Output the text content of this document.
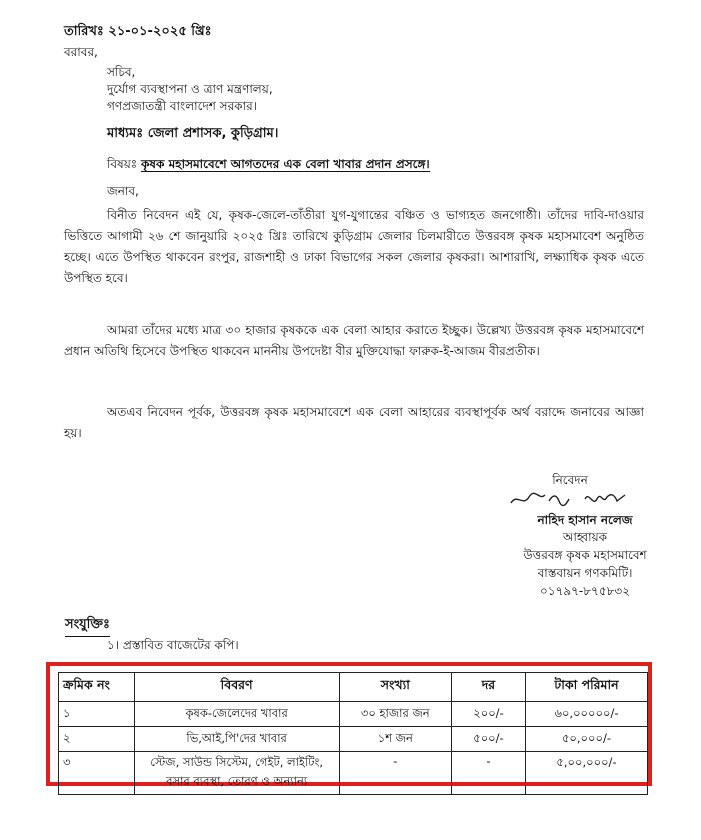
তারিখঃ ২১-০১-২০২৫ খ্রিঃ
বরাবর,
সচিব,
দুর্যোগ ব্যবস্থাপনা ও ত্রাণ মন্ত্রণালয়,
গণপ্রজাতন্ত্রী বাংলাদেশ সরকার।
মাধ্যমঃ জেলা প্রশাসক, কুড়িগ্রাম।
বিষয়ঃ কৃষক মহাসমাবেশে আগতদের এক বেলা খাবার প্রদান প্রসঙ্গে।
জনাব,
বিনীত নিবেদন এই যে, কৃষক-জেলে-তাঁতীরা যুগ-যুগান্তের বঞ্চিত ও ভাগ্যহত জনগোষ্ঠী। তাঁদের দাবি-দাওয়ার ভিত্তিতে আগামী ২৬ শে জানুয়ারি ২০২৫ খ্রিঃ তারিখে কুড়িগ্রাম জেলার চিলমারীতে উত্তরবঙ্গ কৃষক মহাসমাবেশ অনুষ্ঠিত হচ্ছে। এতে উপস্থিত থাকবেন রংপুর, রাজশাহী ও ঢাকা বিভাগের সকল জেলার কৃষকরা। আশারাখি, লক্ষ্যাধিক কৃষক এতে উপস্থিত হবে।
আমরা তাঁদের মধ্যে মাত্র ৩০ হাজার কৃষককে এক বেলা আহার করাতে ইচ্ছুক। উল্লেখ্য উত্তরবঙ্গ কৃষক মহাসমাবেশে প্রধান অতিথি হিসেবে উপস্থিত থাকবেন মাননীয় উপদেষ্টা বীর মুক্তিযোদ্ধা ফারুক-ই-আজম বীরপ্রতীক।
অতএব নিবেদন পূর্বক, উত্তরবঙ্গ কৃষক মহাসমাবেশে এক বেলা আহারের ব্যবস্থাপূর্বক অর্থ বরাদ্দে জনাবের আজ্ঞা হয়।
নিবেদন
নাহিদ হাসান নলেজ
আহ্বায়ক
উত্তরবঙ্গ কৃষক মহাসমাবেশ
বাস্তবায়ন গণকমিটি।
০১৭৯৭-৮৭৫৮৩২
সংযুক্তিঃ
১। প্রস্তাবিত বাজেটের কপি।
ক্রমিক নং	বিবরণ	সংখ্যা	দর	টাকা পরিমান
১	কৃষক-জেলেদের খাবার	৩০ হাজার জন	২০০/-	৬০,০০০০০/-
২	ভি,আই,পি'দের খাবার	১শ জন	৫০০/-	৫০,০০০/-
৩	স্টেজ, সাউন্ড সিস্টেম, গেইট, লাইটিং, বসার ব্যবস্থা, তোরণ ও অন্যান্য	-	-	৫,০০,০০০/-
